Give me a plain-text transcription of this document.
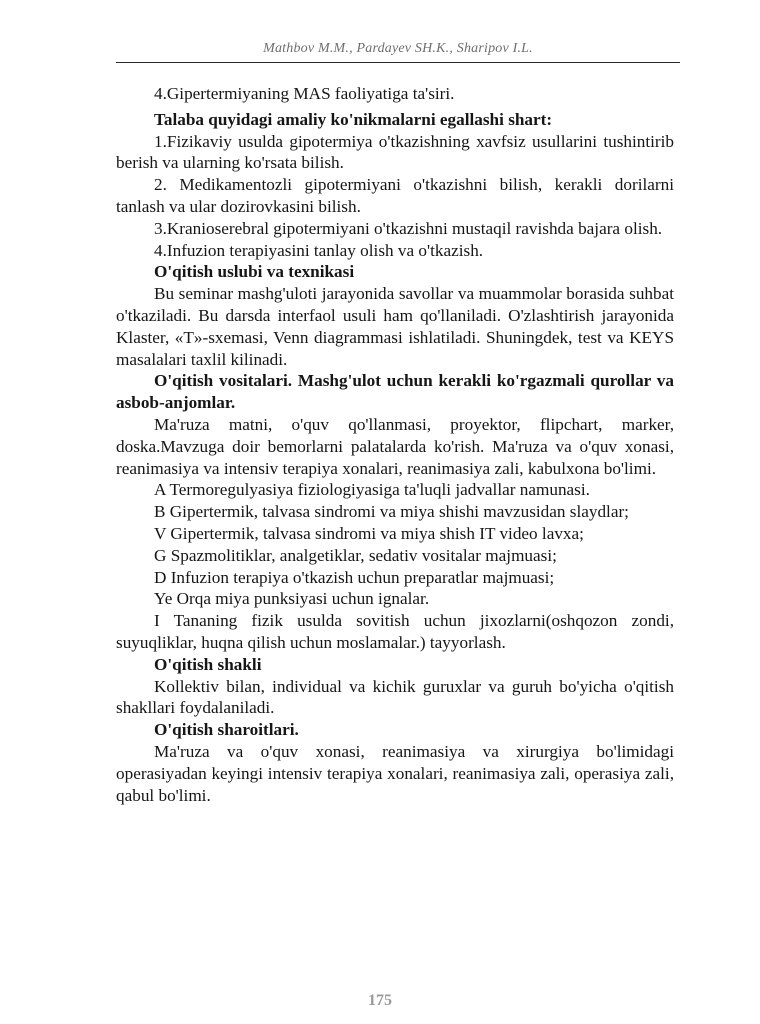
Mathbov M.M., Pardayev SH.K., Sharipov I.L.

4.Gipertermiyaning MAS faoliyatiga ta'siri.

Talaba quyidagi amaliy ko'nikmalarni egallashi shart:

1.Fizikaviy usulda gipotermiya o'tkazishning xavfsiz usullarini tushintirib berish va ularning ko'rsata bilish.

2. Medikamentozli gipotermiyani o'tkazishni bilish, kerakli dorilarni tanlash va ular dozirovkasini bilish.

3.Kranioserebral gipotermiyani o'tkazishni mustaqil ravishda bajara olish.

4.Infuzion terapiyasini tanlay olish va o'tkazish.

O'qitish uslubi va texnikasi

Bu seminar mashg'uloti jarayonida savollar va muammolar borasida suhbat o'tkaziladi. Bu darsda interfaol usuli ham qo'llaniladi. O'zlashtirish jarayonida Klaster, «T»-sxemasi, Venn diagrammasi ishlatiladi. Shuningdek, test va KEYS masalalari taxlil kilinadi.

O'qitish vositalari. Mashg'ulot uchun kerakli ko'rgazmali qurollar va asbob-anjomlar.

Ma'ruza matni, o'quv qo'llanmasi, proyektor, flipchart, marker, doska.Mavzuga doir bemorlarni palatalarda ko'rish. Ma'ruza va o'quv xonasi, reanimasiya va intensiv terapiya xonalari, reanimasiya zali, kabulxona bo'limi.

A Termoregulyasiya fiziologiyasiga ta'luqli jadvallar namunasi.

B Gipertermik, talvasa sindromi va miya shishi mavzusidan slaydlar;

V Gipertermik, talvasa sindromi va miya shish IT video lavxa;

G Spazmolitiklar, analgetiklar, sedativ vositalar majmuasi;

D Infuzion terapiya o'tkazish uchun preparatlar majmuasi;

Ye Orqa miya punksiyasi uchun ignalar.

I Tananing fizik usulda sovitish uchun jixozlarni(oshqozon zondi, suyuqliklar, huqna qilish uchun moslamalar.) tayyorlash.

O'qitish shakli

Kollektiv bilan, individual va kichik guruxlar va guruh bo'yicha o'qitish shakllari foydalaniladi.

O'qitish sharoitlari.

Ma'ruza va o'quv xonasi, reanimasiya va xirurgiya bo'limidagi operasiyadan keyingi intensiv terapiya xonalari, reanimasiya zali, operasiya zali, qabul bo'limi.

175
